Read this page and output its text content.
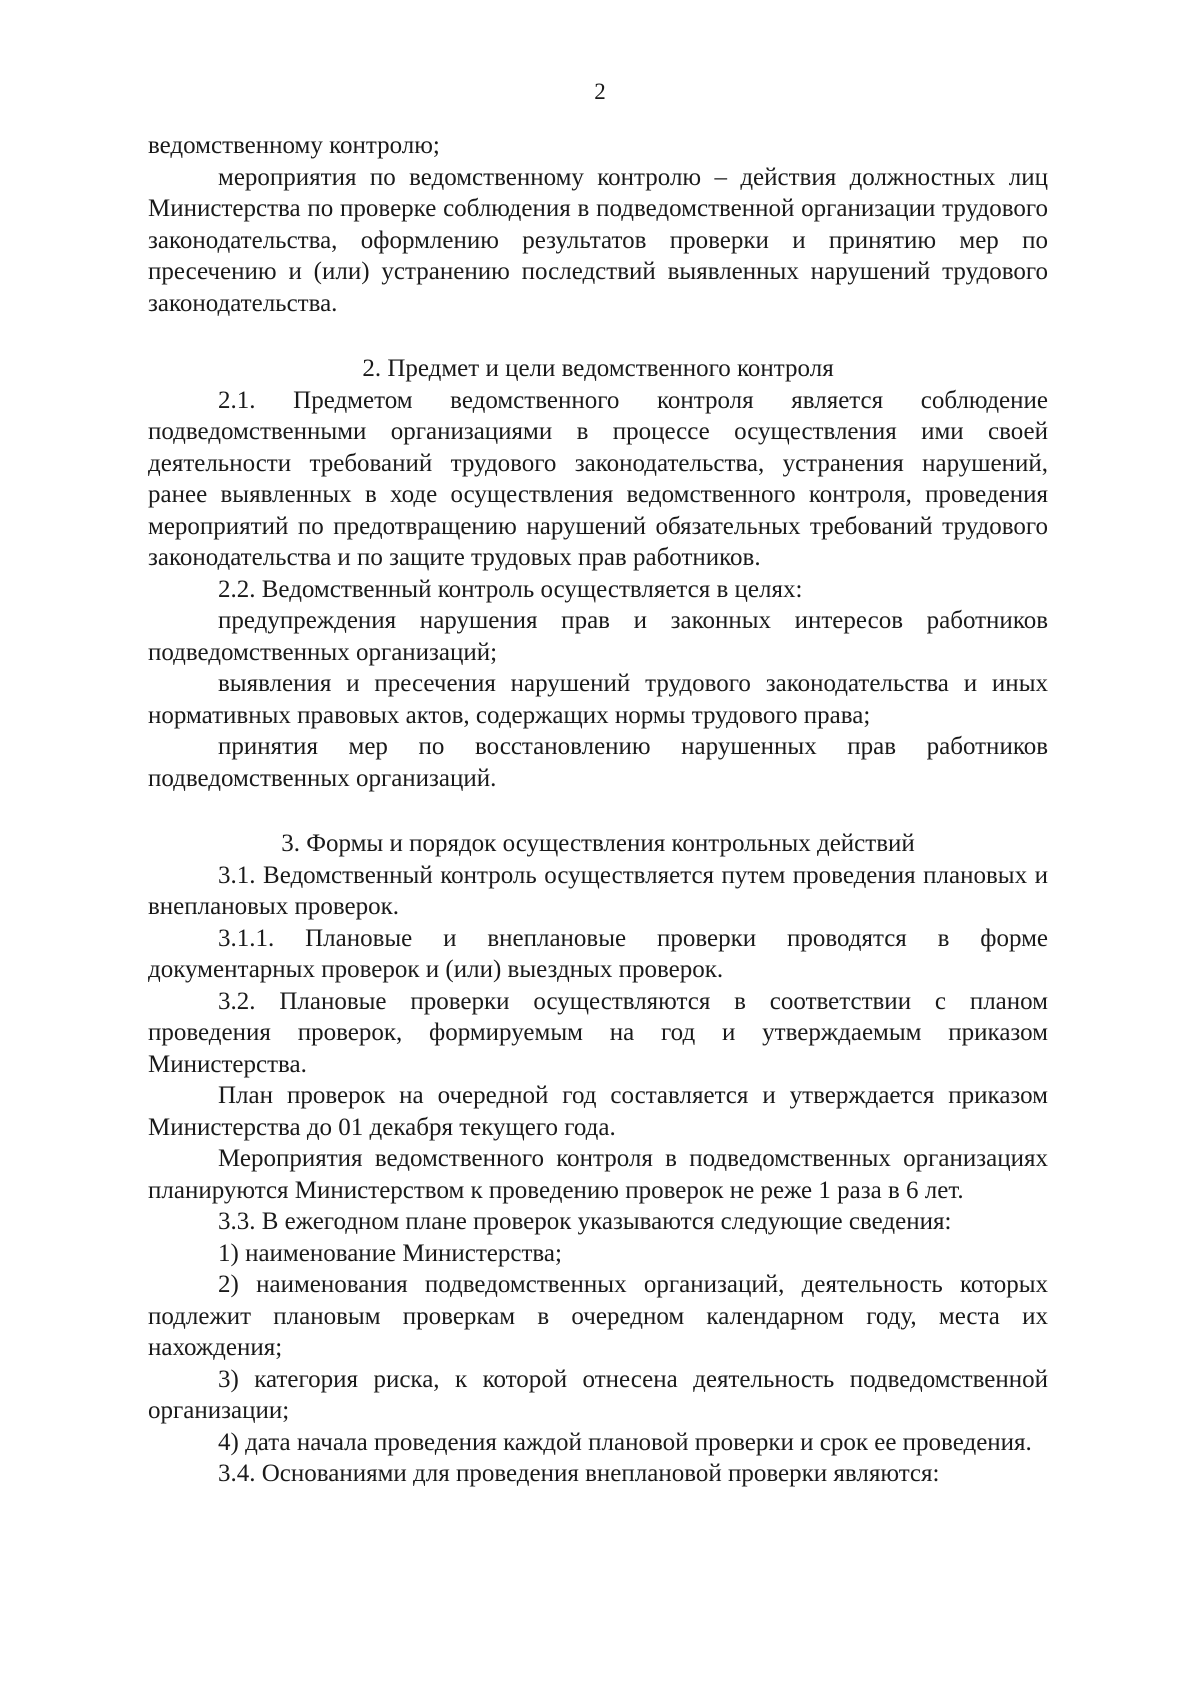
2

ведомственному контролю;

мероприятия по ведомственному контролю – действия должностных лиц Министерства по проверке соблюдения в подведомственной организации трудового законодательства, оформлению результатов проверки и принятию мер по пресечению и (или) устранению последствий выявленных нарушений трудового законодательства.

2. Предмет и цели ведомственного контроля

2.1. Предметом ведомственного контроля является соблюдение подведомственными организациями в процессе осуществления ими своей деятельности требований трудового законодательства, устранения нарушений, ранее выявленных в ходе осуществления ведомственного контроля, проведения мероприятий по предотвращению нарушений обязательных требований трудового законодательства и по защите трудовых прав работников.

2.2. Ведомственный контроль осуществляется в целях:

предупреждения нарушения прав и законных интересов работников подведомственных организаций;

выявления и пресечения нарушений трудового законодательства и иных нормативных правовых актов, содержащих нормы трудового права;

принятия мер по восстановлению нарушенных прав работников подведомственных организаций.

3. Формы и порядок осуществления контрольных действий

3.1. Ведомственный контроль осуществляется путем проведения плановых и внеплановых проверок.

3.1.1. Плановые и внеплановые проверки проводятся в форме документарных проверок и (или) выездных проверок.

3.2. Плановые проверки осуществляются в соответствии с планом проведения проверок, формируемым на год и утверждаемым приказом Министерства.

План проверок на очередной год составляется и утверждается приказом Министерства до 01 декабря текущего года.

Мероприятия ведомственного контроля в подведомственных организациях планируются Министерством к проведению проверок не реже 1 раза в 6 лет.

3.3. В ежегодном плане проверок указываются следующие сведения:

1) наименование Министерства;

2) наименования подведомственных организаций, деятельность которых подлежит плановым проверкам в очередном календарном году, места их нахождения;

3) категория риска, к которой отнесена деятельность подведомственной организации;

4) дата начала проведения каждой плановой проверки и срок ее проведения.

3.4. Основаниями для проведения внеплановой проверки являются:
